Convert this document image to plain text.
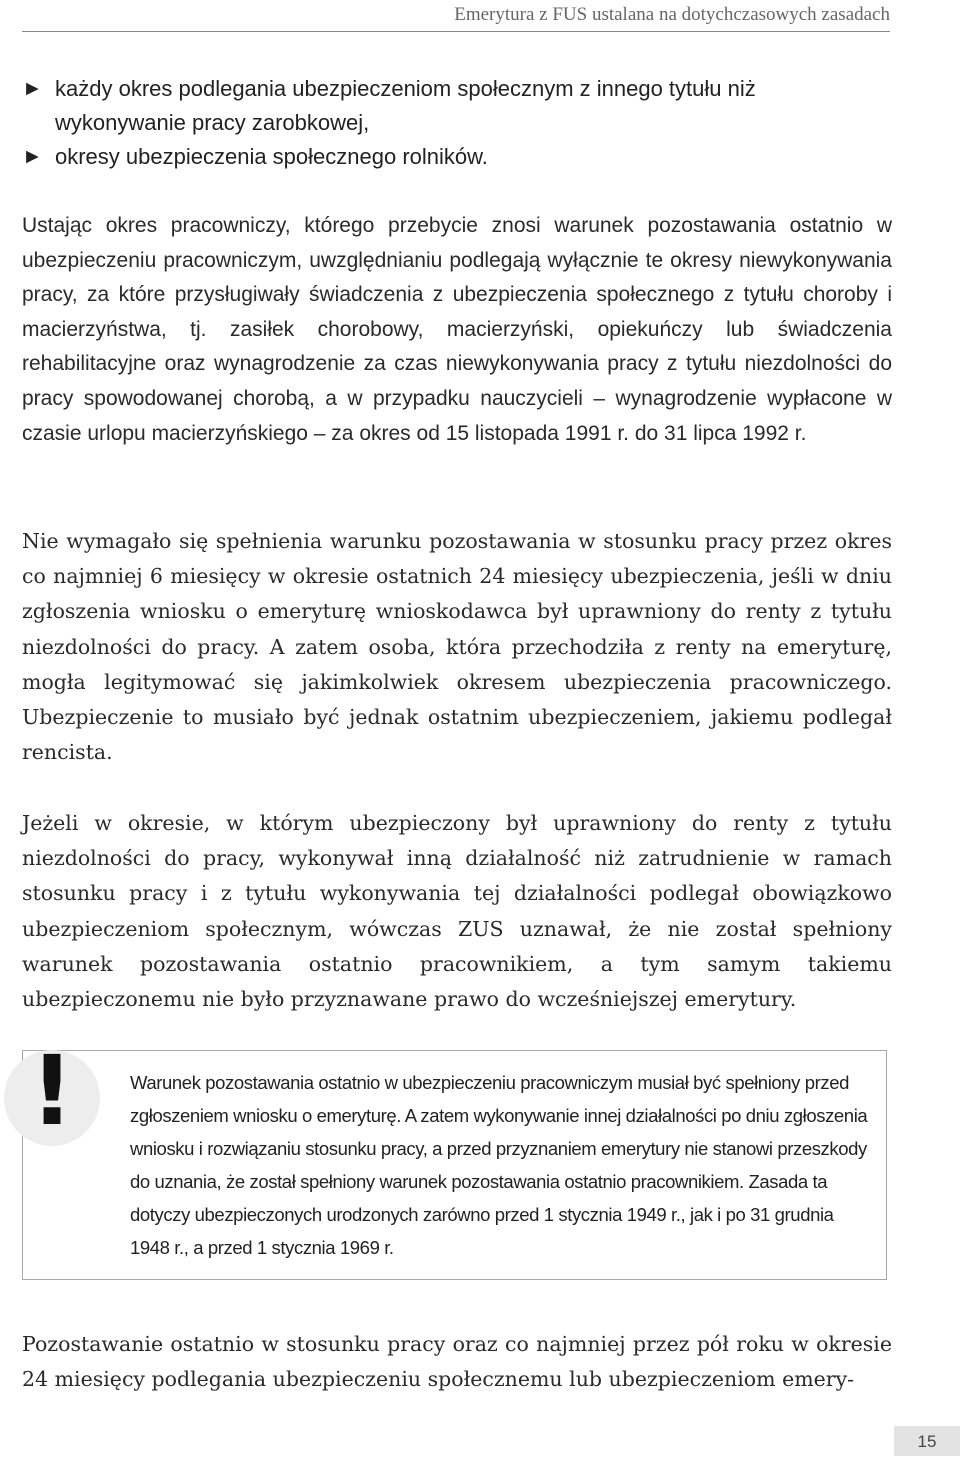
Emerytura z FUS ustalana na dotychczasowych zasadach
► każdy okres podlegania ubezpieczeniom społecznym z innego tytułu niż wykonywanie pracy zarobkowej,
► okresy ubezpieczenia społecznego rolników.

Ustając okres pracowniczy, którego przebycie znosi warunek pozostawania ostatnio w ubezpieczeniu pracowniczym, uwzględnianiu podlegają wyłącznie te okresy niewykonywania pracy, za które przysługiwały świadczenia z ubezpieczenia społecznego z tytułu choroby i macierzyństwa, tj. zasiłek chorobowy, macierzyński, opiekuńczy lub świadczenia rehabilitacyjne oraz wynagrodzenie za czas niewykonywania pracy z tytułu niezdolności do pracy spowodowanej chorobą, a w przypadku nauczycieli – wynagrodzenie wypłacone w czasie urlopu macierzyńskiego – za okres od 15 listopada 1991 r. do 31 lipca 1992 r.

Nie wymagało się spełnienia warunku pozostawania w stosunku pracy przez okres co najmniej 6 miesięcy w okresie ostatnich 24 miesięcy ubezpieczenia, jeśli w dniu zgłoszenia wniosku o emeryturę wnioskodawca był uprawniony do renty z tytułu niezdolności do pracy. A zatem osoba, która przechodziła z renty na emeryturę, mogła legitymować się jakimkolwiek okresem ubezpieczenia pracowniczego. Ubezpieczenie to musiało być jednak ostatnim ubezpieczeniem, jakiemu podlegał rencista.

Jeżeli w okresie, w którym ubezpieczony był uprawniony do renty z tytułu niezdolności do pracy, wykonywał inną działalność niż zatrudnienie w ramach stosunku pracy i z tytułu wykonywania tej działalności podlegał obowiązkowo ubezpieczeniom społecznym, wówczas ZUS uznawał, że nie został spełniony warunek pozostawania ostatnio pracownikiem, a tym samym takiemu ubezpieczonemu nie było przyznawane prawo do wcześniejszej emerytury.

!	Warunek pozostawania ostatnio w ubezpieczeniu pracowniczym musiał być spełniony przed zgłoszeniem wniosku o emeryturę. A zatem wykonywanie innej działalności po dniu zgłoszenia wniosku i rozwiązaniu stosunku pracy, a przed przyznaniem emerytury nie stanowi przeszkody do uznania, że został spełniony warunek pozostawania ostatnio pracownikiem. Zasada ta dotyczy ubezpieczonych urodzonych zarówno przed 1 stycznia 1949 r., jak i po 31 grudnia 1948 r., a przed 1 stycznia 1969 r.

Pozostawanie ostatnio w stosunku pracy oraz co najmniej przez pół roku w okresie 24 miesięcy podlegania ubezpieczeniu społecznemu lub ubezpieczeniom emery-

15
